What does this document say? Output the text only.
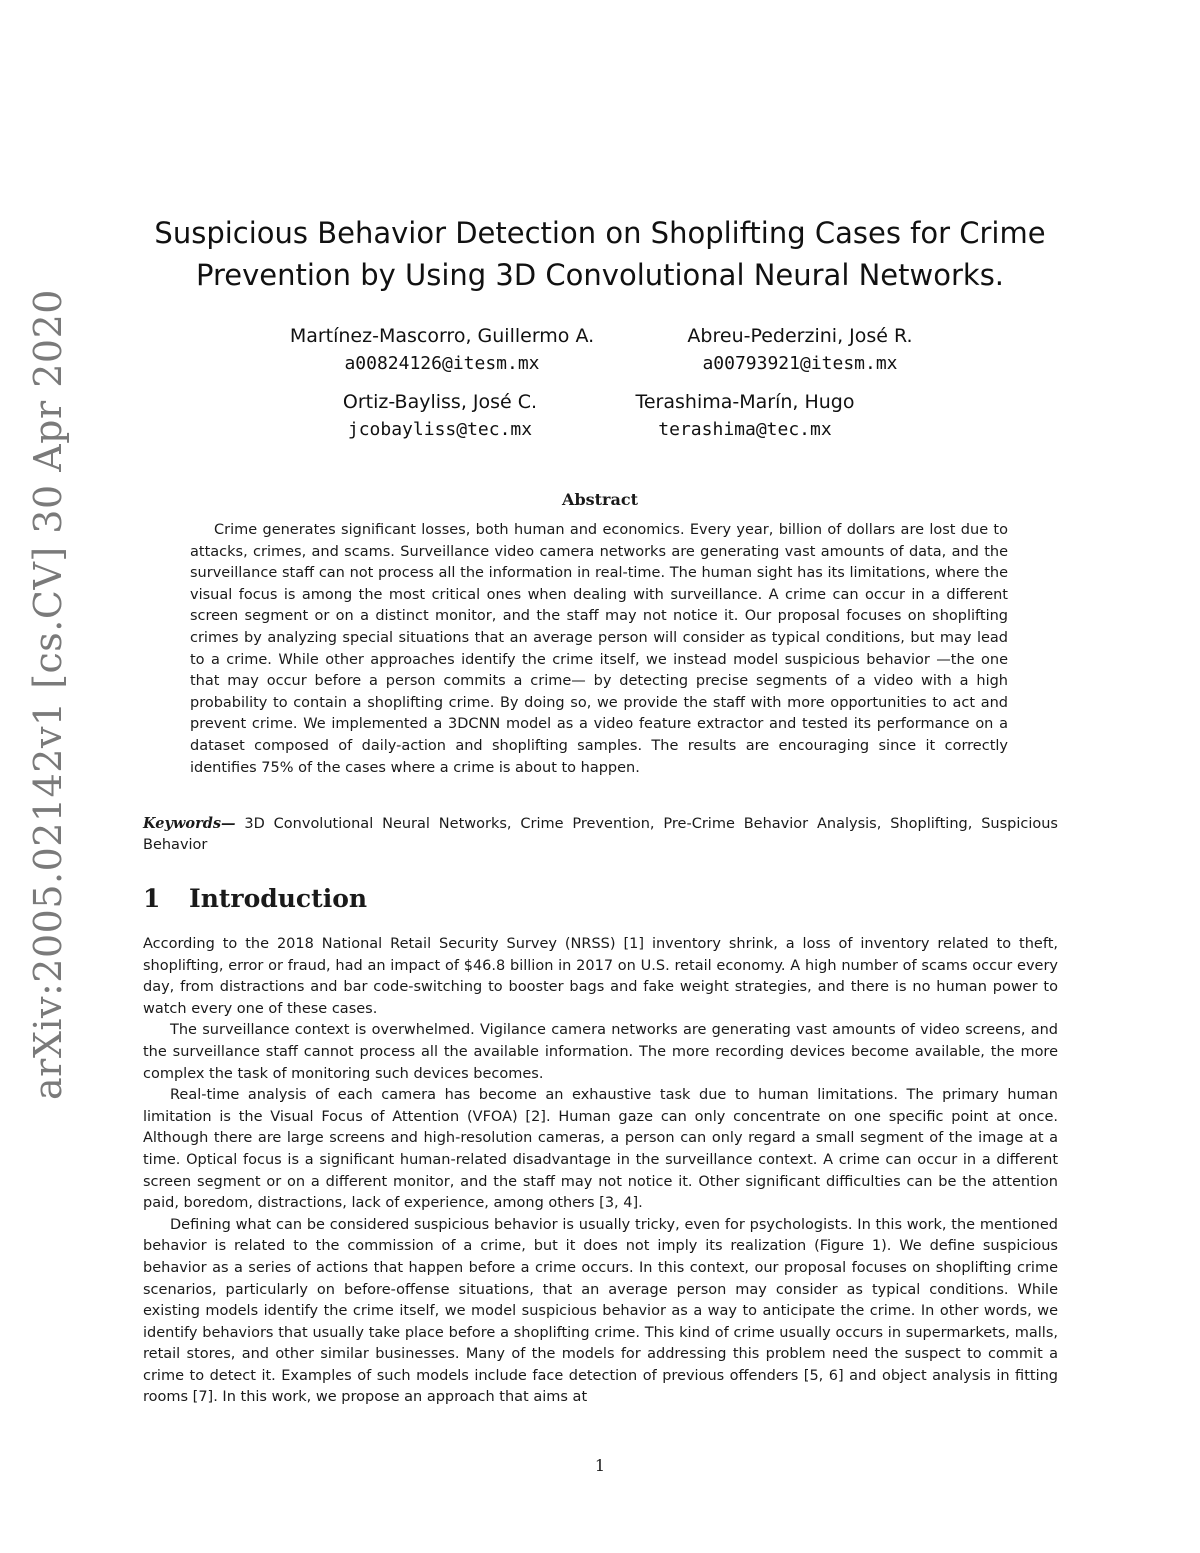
arXiv:2005.02142v1 [cs.CV] 30 Apr 2020
Suspicious Behavior Detection on Shoplifting Cases for Crime
Prevention by Using 3D Convolutional Neural Networks.
Martínez-Mascorro, Guillermo A.
a00824126@itesm.mx
Abreu-Pederzini, José R.
a00793921@itesm.mx
Ortiz-Bayliss, José C.
jcobayliss@tec.mx
Terashima-Marín, Hugo
terashima@tec.mx
Abstract

Crime generates significant losses, both human and economics. Every year, billion of dollars are lost due to attacks, crimes, and scams. Surveillance video camera networks are generating vast amounts of data, and the surveillance staff can not process all the information in real-time. The human sight has its limitations, where the visual focus is among the most critical ones when dealing with surveillance. A crime can occur in a different screen segment or on a distinct monitor, and the staff may not notice it. Our proposal focuses on shoplifting crimes by analyzing special situations that an average person will consider as typical conditions, but may lead to a crime. While other approaches identify the crime itself, we instead model suspicious behavior —the one that may occur before a person commits a crime— by detecting precise segments of a video with a high probability to contain a shoplifting crime. By doing so, we provide the staff with more opportunities to act and prevent crime. We implemented a 3DCNN model as a video feature extractor and tested its performance on a dataset composed of daily-action and shoplifting samples. The results are encouraging since it correctly identifies 75% of the cases where a crime is about to happen.

Keywords— 3D Convolutional Neural Networks, Crime Prevention, Pre-Crime Behavior Analysis, Shoplifting, Suspicious Behavior

1 Introduction

According to the 2018 National Retail Security Survey (NRSS) [1] inventory shrink, a loss of inventory related to theft, shoplifting, error or fraud, had an impact of $46.8 billion in 2017 on U.S. retail economy. A high number of scams occur every day, from distractions and bar code-switching to booster bags and fake weight strategies, and there is no human power to watch every one of these cases.

The surveillance context is overwhelmed. Vigilance camera networks are generating vast amounts of video screens, and the surveillance staff cannot process all the available information. The more recording devices become available, the more complex the task of monitoring such devices becomes.

Real-time analysis of each camera has become an exhaustive task due to human limitations. The primary human limitation is the Visual Focus of Attention (VFOA) [2]. Human gaze can only concentrate on one specific point at once. Although there are large screens and high-resolution cameras, a person can only regard a small segment of the image at a time. Optical focus is a significant human-related disadvantage in the surveillance context. A crime can occur in a different screen segment or on a different monitor, and the staff may not notice it. Other significant difficulties can be the attention paid, boredom, distractions, lack of experience, among others [3, 4].

Defining what can be considered suspicious behavior is usually tricky, even for psychologists. In this work, the mentioned behavior is related to the commission of a crime, but it does not imply its realization (Figure 1). We define suspicious behavior as a series of actions that happen before a crime occurs. In this context, our proposal focuses on shoplifting crime scenarios, particularly on before-offense situations, that an average person may consider as typical conditions. While existing models identify the crime itself, we model suspicious behavior as a way to anticipate the crime. In other words, we identify behaviors that usually take place before a shoplifting crime. This kind of crime usually occurs in supermarkets, malls, retail stores, and other similar businesses. Many of the models for addressing this problem need the suspect to commit a crime to detect it. Examples of such models include face detection of previous offenders [5, 6] and object analysis in fitting rooms [7]. In this work, we propose an approach that aims at

1
